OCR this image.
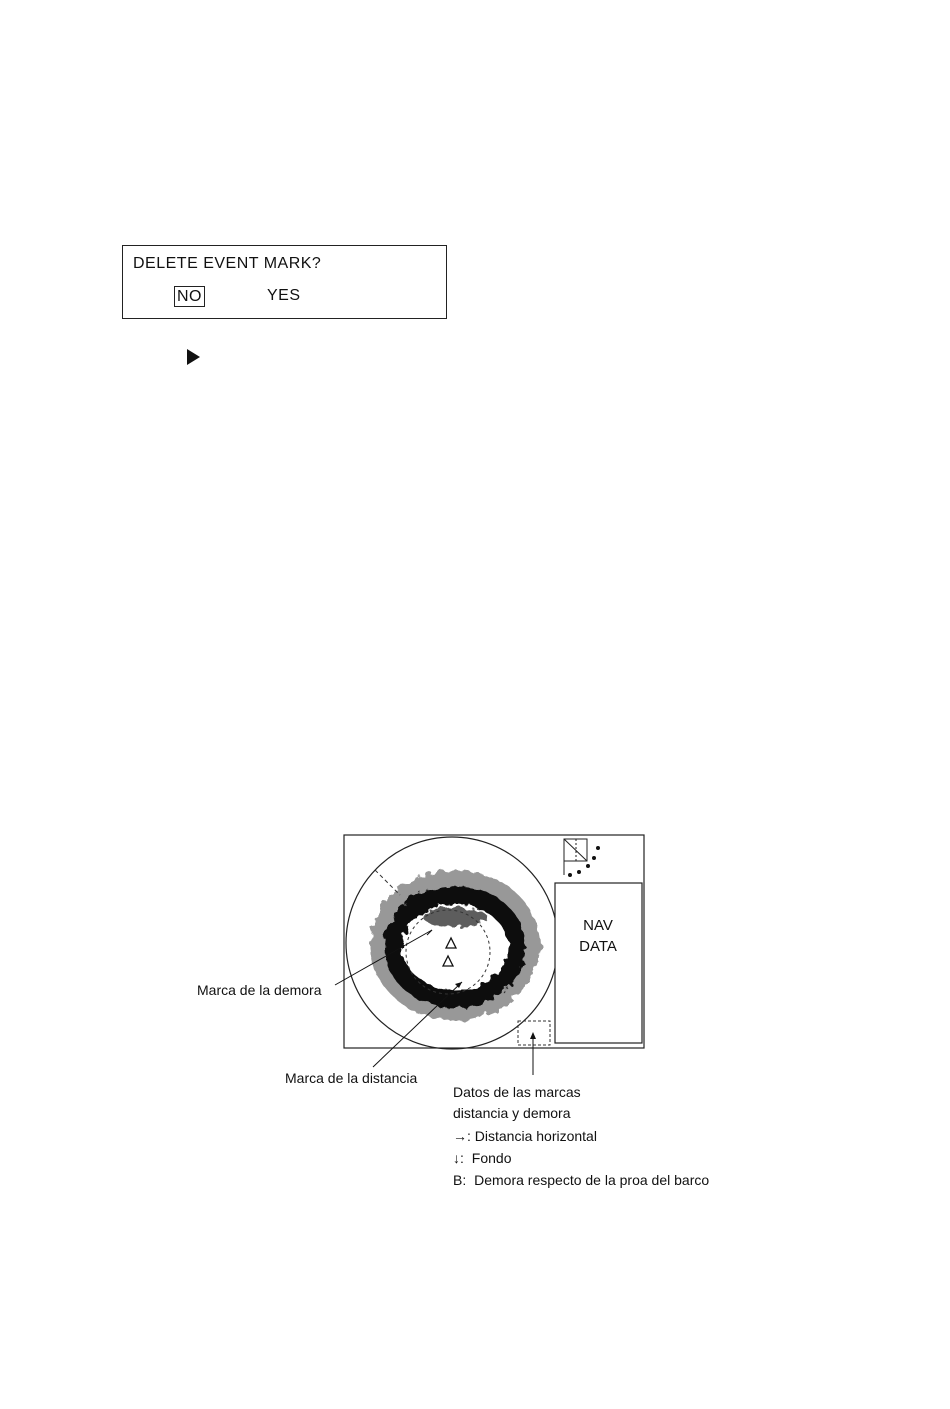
DELETE EVENT MARK?
NO	YES
NAV
DATA
Marca de la demora
Marca de la distancia
Datos de las marcas
distancia y demora
→: Distancia horizontal
↓: Fondo
B: Demora respecto de la proa del barco
